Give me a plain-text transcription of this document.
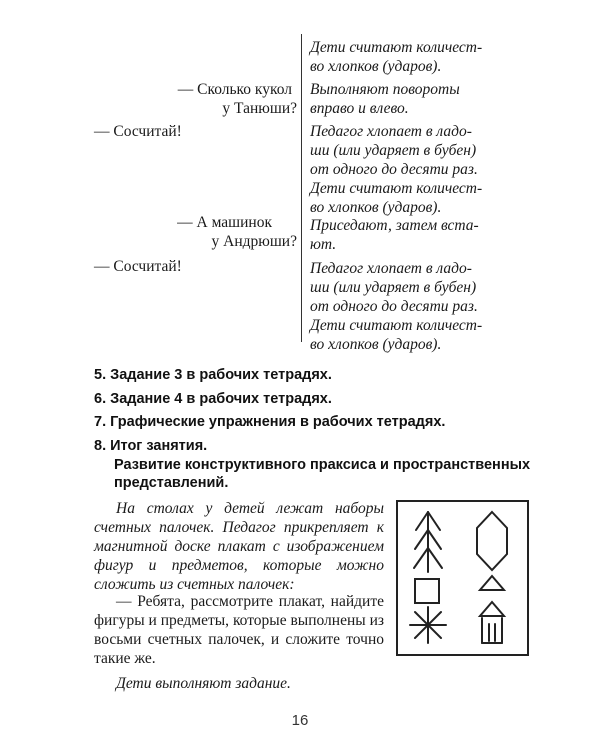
— Сколько кукол
у Танюши?
— Сосчитай!
— А машинок
у Андрюши?
— Сосчитай!
Дети считают количест-
во хлопков (ударов).
Выполняют повороты
вправо и влево.
Педагог хлопает в ладо-
ши (или ударяет в бубен)
от одного до десяти раз.
Дети считают количест-
во хлопков (ударов).
Приседают, затем вста-
ют.
Педагог хлопает в ладо-
ши (или ударяет в бубен)
от одного до десяти раз.
Дети считают количест-
во хлопков (ударов).
5. Задание 3 в рабочих тетрадях.
6. Задание 4 в рабочих тетрадях.
7. Графические упражнения в рабочих тетрадях.
8. Итог занятия.
Развитие конструктивного праксиса и пространственных
представлений.

На столах у детей лежат наборы счетных палочек. Педагог прикрепляет к магнитной доске плакат с изображением фигур и предметов, которые можно сложить из счетных палочек:

— Ребята, рассмотрите плакат, найдите фигуры и предметы, которые выполнены из восьми счетных палочек, и сложите точно такие же.

Дети выполняют задание.

16
